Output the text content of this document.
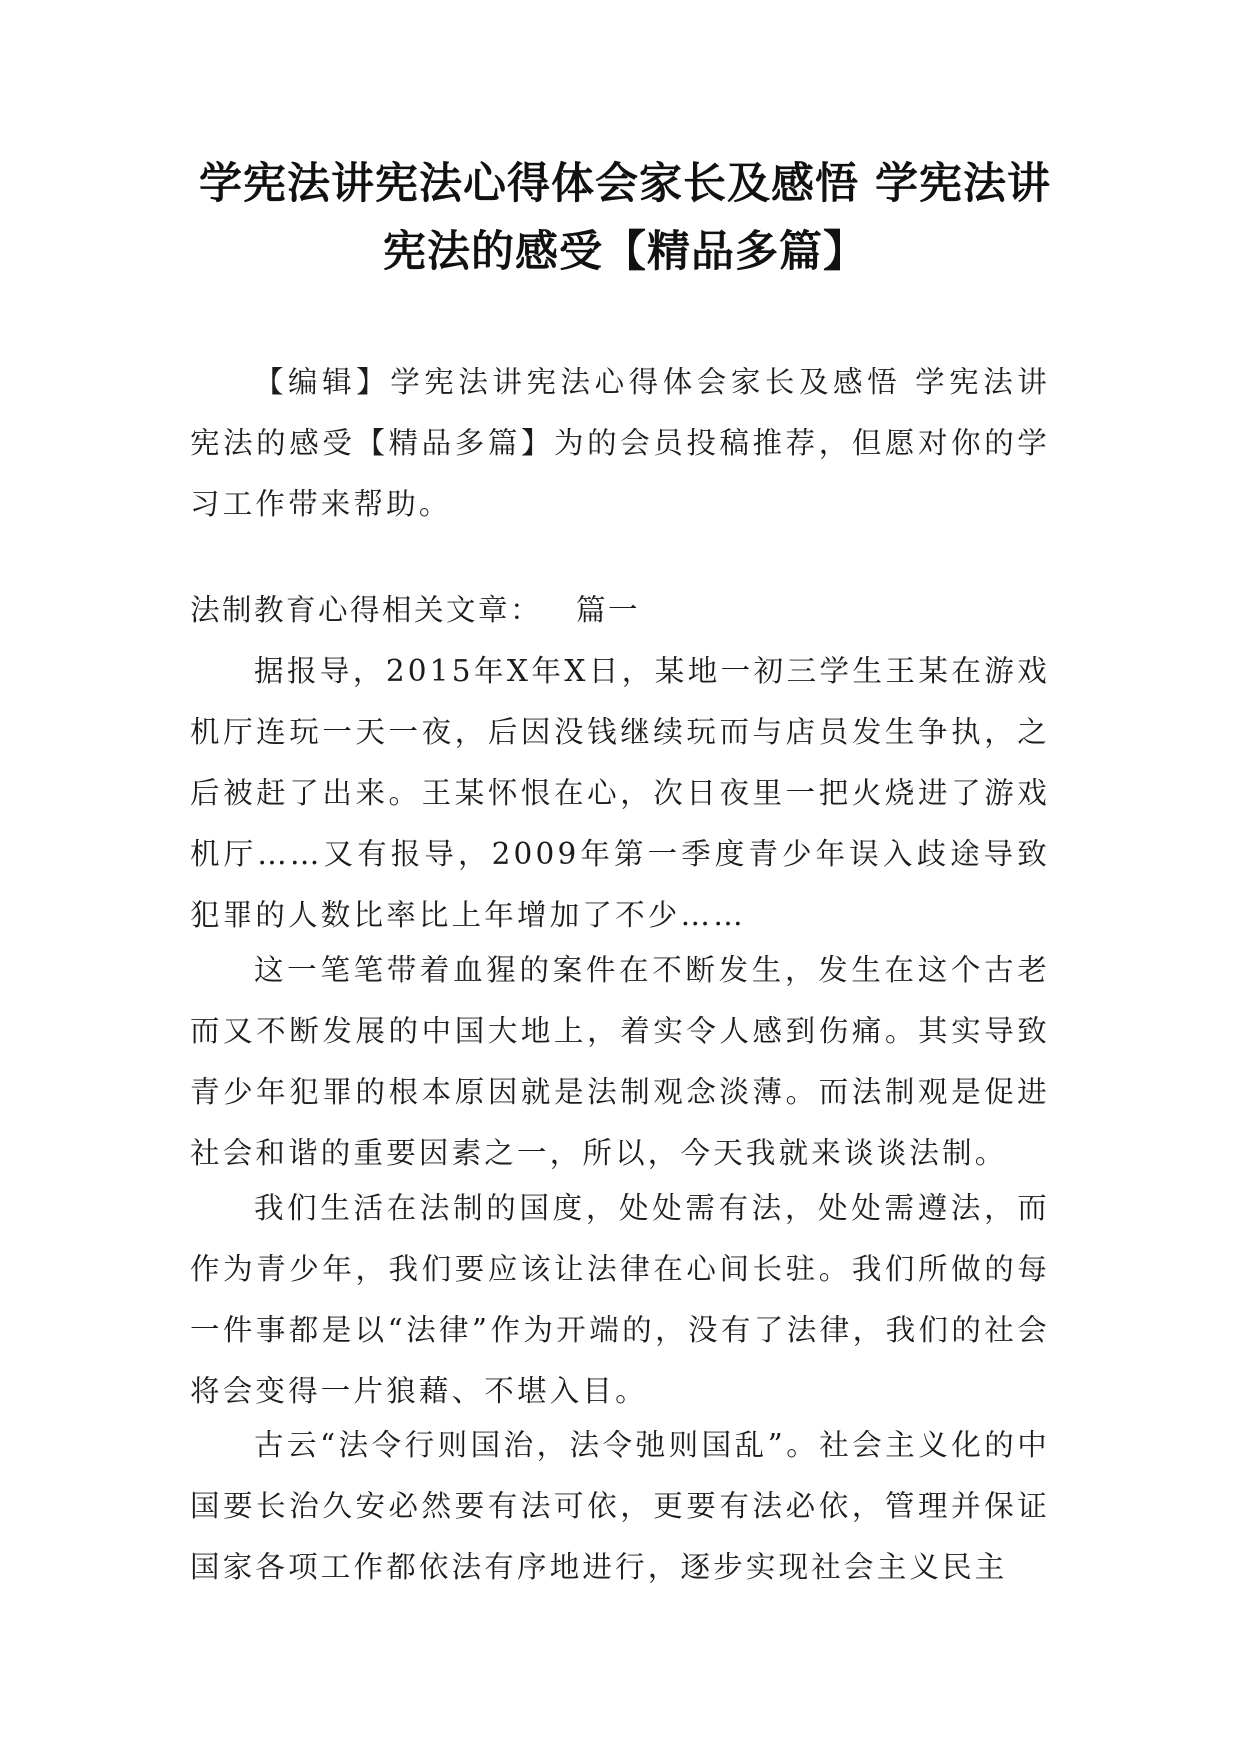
学宪法讲宪法心得体会家长及感悟 学宪法讲宪法的感受【精品多篇】

【编辑】学宪法讲宪法心得体会家长及感悟 学宪法讲宪法的感受【精品多篇】为的会员投稿推荐，但愿对你的学习工作带来帮助。

法制教育心得相关文章： 篇一

据报导，2015年X年X日，某地一初三学生王某在游戏机厅连玩一天一夜，后因没钱继续玩而与店员发生争执，之后被赶了出来。王某怀恨在心，次日夜里一把火烧进了游戏机厅……又有报导，2009年第一季度青少年误入歧途导致犯罪的人数比率比上年增加了不少……

这一笔笔带着血猩的案件在不断发生，发生在这个古老而又不断发展的中国大地上，着实令人感到伤痛。其实导致青少年犯罪的根本原因就是法制观念淡薄。而法制观是促进社会和谐的重要因素之一，所以，今天我就来谈谈法制。

我们生活在法制的国度，处处需有法，处处需遵法，而作为青少年，我们要应该让法律在心间长驻。我们所做的每一件事都是以“法律”作为开端的，没有了法律，我们的社会将会变得一片狼藉、不堪入目。

古云“法令行则国治，法令弛则国乱”。社会主义化的中国要长治久安必然要有法可依，更要有法必依，管理并保证国家各项工作都依法有序地进行，逐步实现社会主义民主
